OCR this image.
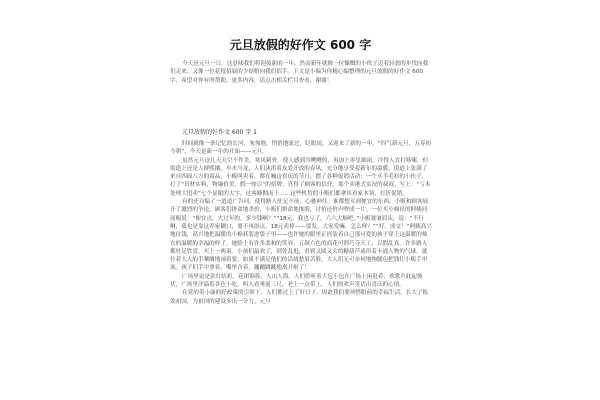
元旦放假的好作文 600 字

今天是元旦一日，这意味我们将迎接新的一年。然而新年就像一位慷慨的小伙子迈着轻盈的步伐向我们走来。又像一位花枝招展的少姑娘向我们招手。下文是小编为你精心编整理的元旦放假的好作文 600 字，希望对你有所帮助。更多内容，请点击相关栏目查看，谢谢！

元旦放假的好作文 600 字 1

时间就像一条记忆的长河，匆匆地，悄悄地流过，眨眼间，又迎来了新的一年，“四气新元旦，万寿初今朝”，今天是新一年的开始——元旦。

虽然元旦这几天天空不作美，寒风刺骨，使人感到冷飕飕的，再加上零星細雨，冷得人直打哆嗦，但街道上还是人群熙攘，车水马龙，人们沐浴着友爱开放的春风，充分地享受着新年的温暖。街道上张满了来自四面八方的商品，小贩叫卖着，都在喊这喜庆的节日，摆了各种促销活动：一个买羊毛衫的小伙子，打了“真材实料，物廉价美，假一赔百”的招牌，喜得了顾客的信任。那个卖港式实况的叔叔，写上：“亏本处理大甩卖”七个显眼的大字，过客蜂拥而上……这些机智的小贩们都拿出看家本领，打折促销。

有的还自编了一道道广告词，使得路人驻足不前，心驰神往。谁都想买到便宜的东西，小贩和顾客展开了激烈的争论，顾客们拼命地杀价，小贩们拼命地推脱，讨价还价声吵成一片。一位买小棉袄的阿姨问商贩说：“便宜点，大过年的，多少钱啊？”“18元，我也亏了，六六大顺吧。”小贩皱皱眉头，说：“不行啊，我也是靠这养家糊口，要不再添点，18元卖掉——要发，大家发嘛，怎么样？”“好，成交！”阿姨高兴地付钱，高兴地把温暖的小棉袄装进袋子里——也许她的眼里正经装着自己那可爱的孩子穿上这温暖的棉衣的温暖的幸福的样子。她脸上有许多柔和的笑容，五颜六色的商花可谓巧夺天工，以假乱真。许多路人都驻足欣赏，买上一两束。小孩们最欢了，到处乱逛，看到又圆又大的糖葫芦或印着卡通人物的气球，就拉着大人的手嚷嚷地闹着要。如果不满足他们的话就愁眉苦脸，大人们无可奈何地掏腰包把钱往小贩手里塞。孩子们手中拿着，嘴里含着，蹦蹦跳跳地离开啦了！

广场里更是张灯结彩，花团锦簇，人山人海，人们聆听着大包小包在广场上闲逛着，欢歌声此起彼伏，广场里洋溢着各色小吃，叫人看垂涎三尺，老上一点带上，人们的欢声笑语出喜庆的心情。

在党的英小康的好政策的引领下，人们都过上了好日子，因此我们要珍惜眼前的幸福生活，长大了报效祖国，为祖国的建设多出一分力。元旦
